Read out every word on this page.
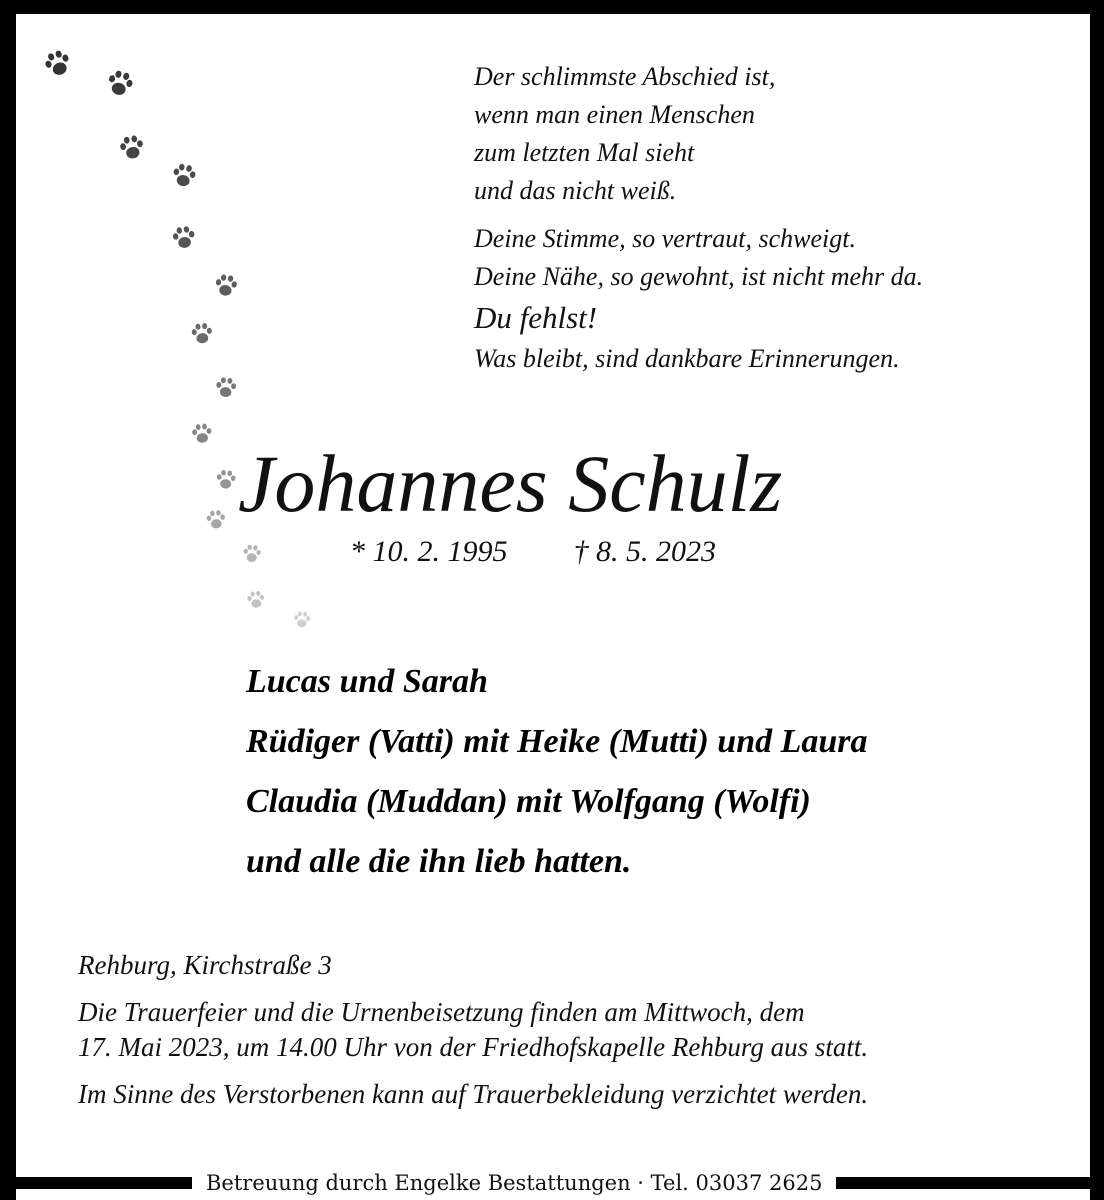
Der schlimmste Abschied ist,
wenn man einen Menschen
zum letzten Mal sieht
und das nicht weiß.
Deine Stimme, so vertraut, schweigt.
Deine Nähe, so gewohnt, ist nicht mehr da.
Du fehlst!
Was bleibt, sind dankbare Erinnerungen.
Johannes Schulz
* 10. 2. 1995 † 8. 5. 2023
Lucas und Sarah
Rüdiger (Vatti) mit Heike (Mutti) und Laura
Claudia (Muddan) mit Wolfgang (Wolfi)
und alle die ihn lieb hatten.

Rehburg, Kirchstraße 3

Die Trauerfeier und die Urnenbeisetzung finden am Mittwoch, dem
17. Mai 2023, um 14.00 Uhr von der Friedhofskapelle Rehburg aus statt.

Im Sinne des Verstorbenen kann auf Trauerbekleidung verzichtet werden.

Betreuung durch Engelke Bestattungen · Tel. 03037 2625
